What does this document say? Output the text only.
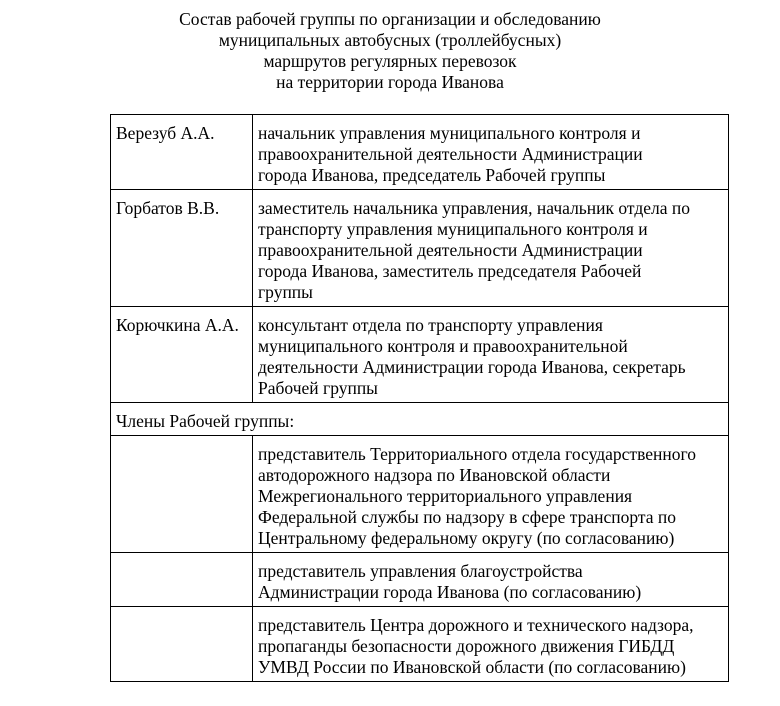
Состав рабочей группы по организации и обследованию
муниципальных автобусных (троллейбусных)
маршрутов регулярных перевозок
на территории города Иванова
Верезуб А.А.	начальник управления муниципального контроля и
правоохранительной деятельности Администрации
города Иванова, председатель Рабочей группы

Горбатов В.В.	заместитель начальника управления, начальник отдела по
транспорту управления муниципального контроля и
правоохранительной деятельности Администрации
города Иванова, заместитель председателя Рабочей
группы

Корючкина А.А.	консультант отдела по транспорту управления
муниципального контроля и правоохранительной
деятельности Администрации города Иванова, секретарь
Рабочей группы

Члены Рабочей группы:	

	представитель Территориального отдела государственного
автодорожного надзора по Ивановской области
Межрегионального территориального управления
Федеральной службы по надзору в сфере транспорта по
Центральному федеральному округу (по согласованию)

	представитель управления благоустройства
Администрации города Иванова (по согласованию)

	представитель Центра дорожного и технического надзора,
пропаганды безопасности дорожного движения ГИБДД
УМВД России по Ивановской области (по согласованию)
